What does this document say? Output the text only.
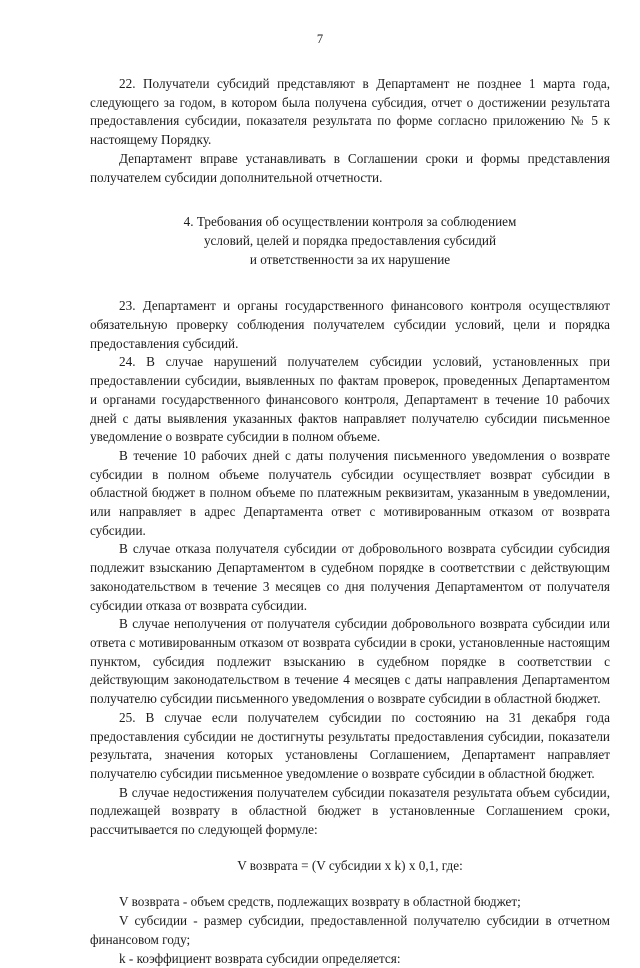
7

22. Получатели субсидий представляют в Департамент не позднее 1 марта года, следующего за годом, в котором была получена субсидия, отчет о достижении результата предоставления субсидии, показателя результата по форме согласно приложению № 5 к настоящему Порядку.

Департамент вправе устанавливать в Соглашении сроки и формы представления получателем субсидии дополнительной отчетности.

4. Требования об осуществлении контроля за соблюдением
условий, целей и порядка предоставления субсидий
и ответственности за их нарушение

23. Департамент и органы государственного финансового контроля осуществляют обязательную проверку соблюдения получателем субсидии условий, цели и порядка предоставления субсидий.

24. В случае нарушений получателем субсидии условий, установленных при предоставлении субсидии, выявленных по фактам проверок, проведенных Департаментом и органами государственного финансового контроля, Департамент в течение 10 рабочих дней с даты выявления указанных фактов направляет получателю субсидии письменное уведомление о возврате субсидии в полном объеме.

В течение 10 рабочих дней с даты получения письменного уведомления о возврате субсидии в полном объеме получатель субсидии осуществляет возврат субсидии в областной бюджет в полном объеме по платежным реквизитам, указанным в уведомлении, или направляет в адрес Департамента ответ с мотивированным отказом от возврата субсидии.

В случае отказа получателя субсидии от добровольного возврата субсидии субсидия подлежит взысканию Департаментом в судебном порядке в соответствии с действующим законодательством в течение 3 месяцев со дня получения Департаментом от получателя субсидии отказа от возврата субсидии.

В случае неполучения от получателя субсидии добровольного возврата субсидии или ответа с мотивированным отказом от возврата субсидии в сроки, установленные настоящим пунктом, субсидия подлежит взысканию в судебном порядке в соответствии с действующим законодательством в течение 4 месяцев с даты направления Департаментом получателю субсидии письменного уведомления о возврате субсидии в областной бюджет.

25. В случае если получателем субсидии по состоянию на 31 декабря года предоставления субсидии не достигнуты результаты предоставления субсидии, показатели результата, значения которых установлены Соглашением, Департамент направляет получателю субсидии письменное уведомление о возврате субсидии в областной бюджет.

В случае недостижения получателем субсидии показателя результата объем субсидии, подлежащей возврату в областной бюджет в установленные Соглашением сроки, рассчитывается по следующей формуле:

V возврата = (V субсидии x k) x 0,1, где:

V возврата - объем средств, подлежащих возврату в областной бюджет;

V субсидии - размер субсидии, предоставленной получателю субсидии в отчетном финансовом году;

k - коэффициент возврата субсидии определяется:
